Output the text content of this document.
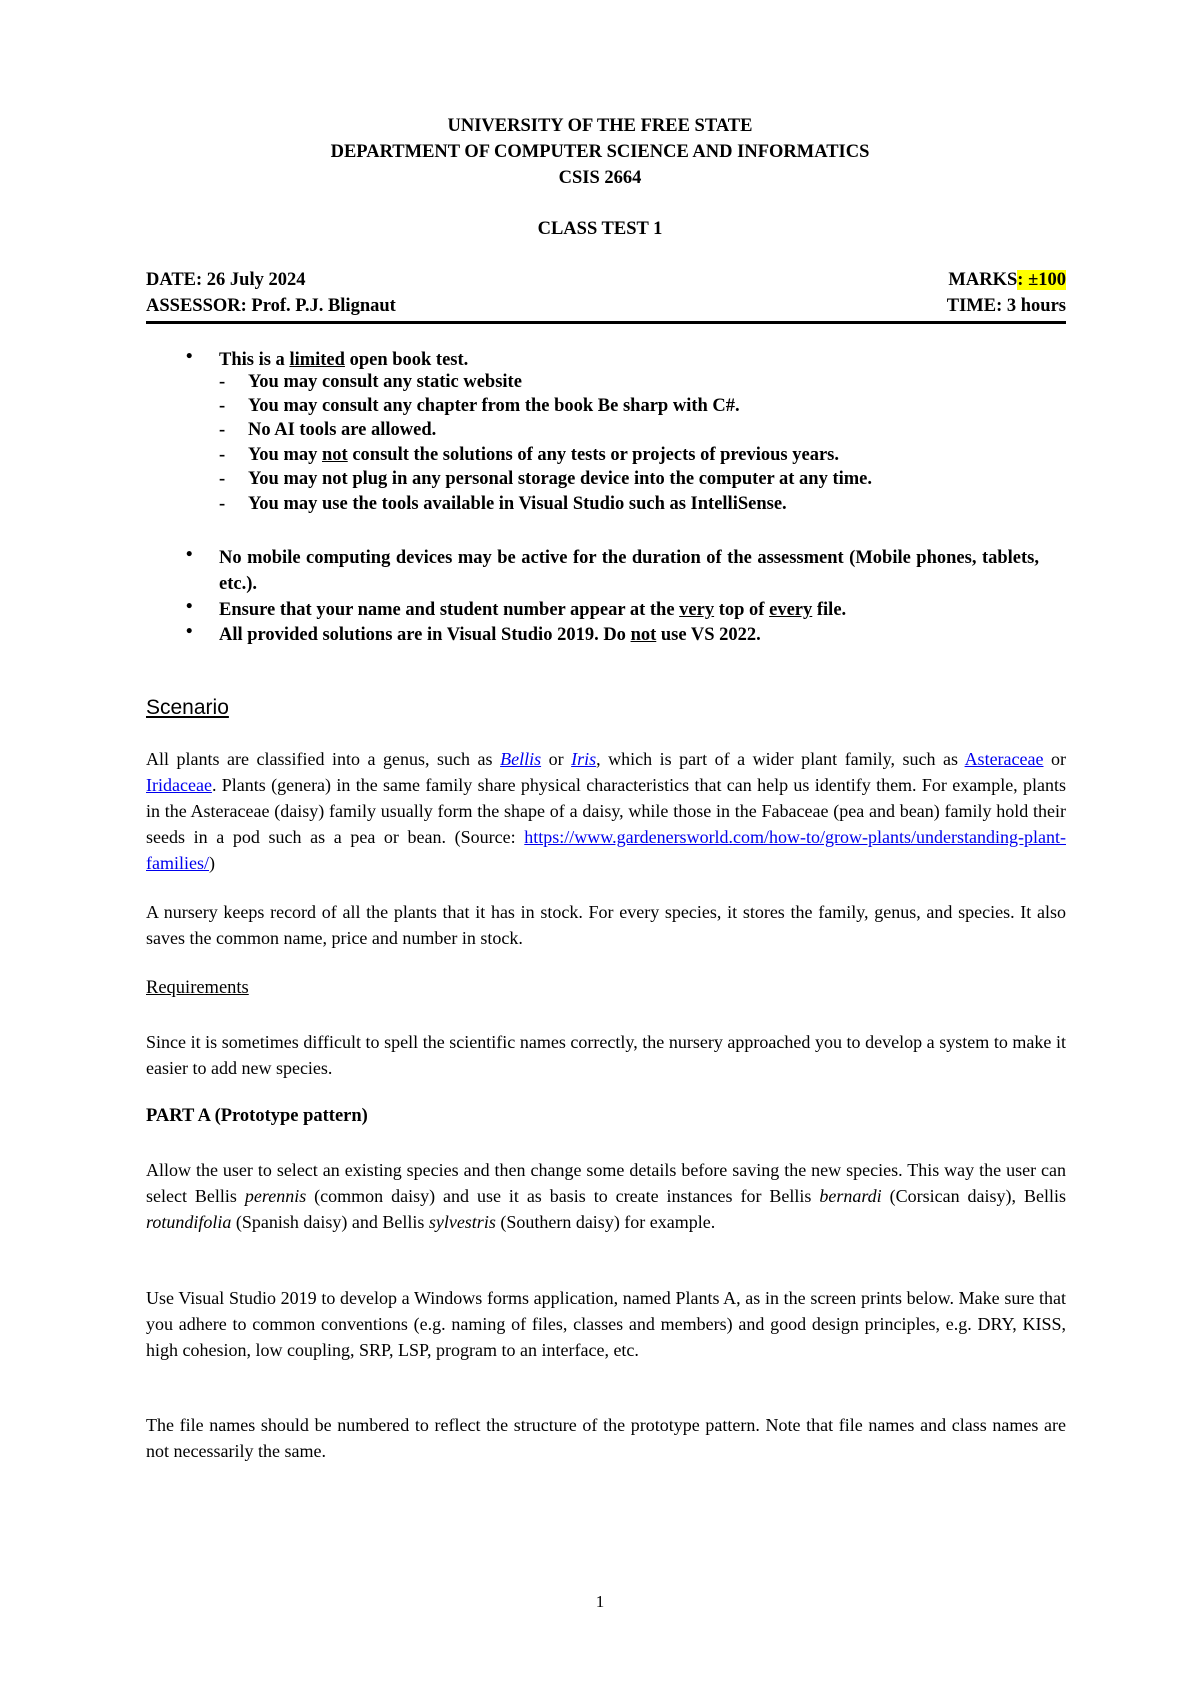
UNIVERSITY OF THE FREE STATE
DEPARTMENT OF COMPUTER SCIENCE AND INFORMATICS
CSIS 2664
CLASS TEST 1
DATE: 26 July 2024	MARKS: ±100
ASSESSOR: Prof. P.J. Blignaut	TIME: 3 hours
• This is a limited open book test.
- You may consult any static website
- You may consult any chapter from the book Be sharp with C#.
- No AI tools are allowed.
- You may not consult the solutions of any tests or projects of previous years.
- You may not plug in any personal storage device into the computer at any time.
- You may use the tools available in Visual Studio such as IntelliSense.
• No mobile computing devices may be active for the duration of the assessment (Mobile phones, tablets, etc.).
• Ensure that your name and student number appear at the very top of every file.
• All provided solutions are in Visual Studio 2019. Do not use VS 2022.
Scenario
All plants are classified into a genus, such as Bellis or Iris, which is part of a wider plant family, such as Asteraceae or Iridaceae. Plants (genera) in the same family share physical characteristics that can help us identify them. For example, plants in the Asteraceae (daisy) family usually form the shape of a daisy, while those in the Fabaceae (pea and bean) family hold their seeds in a pod such as a pea or bean. (Source: https://www.gardenersworld.com/how-to/grow-plants/understanding-plant-families/)
A nursery keeps record of all the plants that it has in stock. For every species, it stores the family, genus, and species. It also saves the common name, price and number in stock.
Requirements
Since it is sometimes difficult to spell the scientific names correctly, the nursery approached you to develop a system to make it easier to add new species.
PART A (Prototype pattern)
Allow the user to select an existing species and then change some details before saving the new species. This way the user can select Bellis perennis (common daisy) and use it as basis to create instances for Bellis bernardi (Corsican daisy), Bellis rotundifolia (Spanish daisy) and Bellis sylvestris (Southern daisy) for example.
Use Visual Studio 2019 to develop a Windows forms application, named Plants A, as in the screen prints below. Make sure that you adhere to common conventions (e.g. naming of files, classes and members) and good design principles, e.g. DRY, KISS, high cohesion, low coupling, SRP, LSP, program to an interface, etc.
The file names should be numbered to reflect the structure of the prototype pattern. Note that file names and class names are not necessarily the same.
1
